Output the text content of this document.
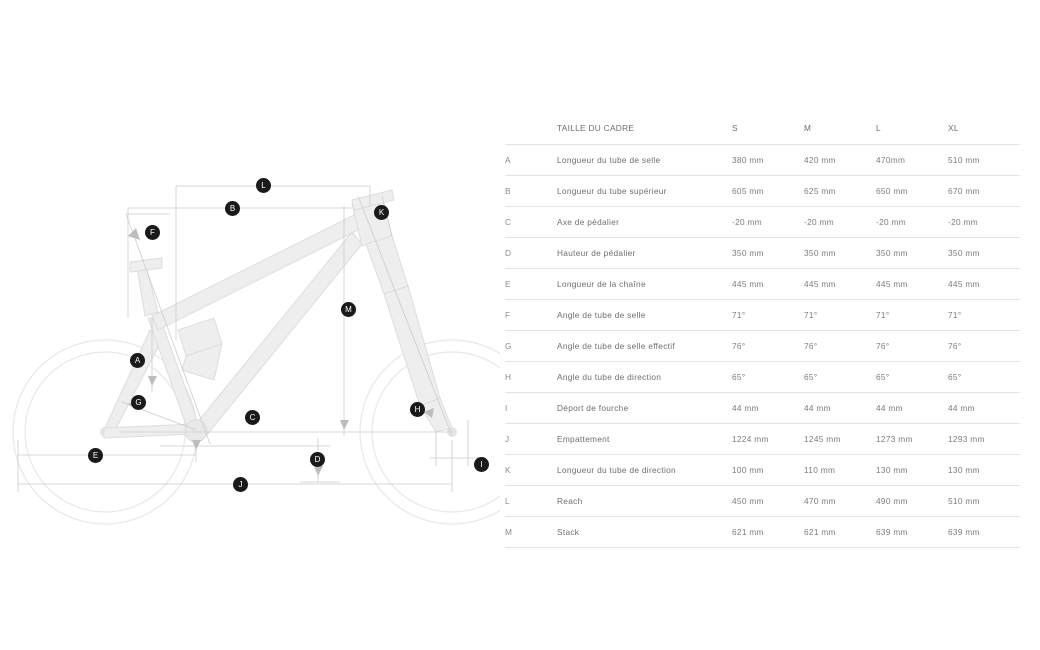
A
B
C
D
E
F
G
H
I
J
K
L
M
	TAILLE DU CADRE	S	M	L	XL
A	Longueur du tube de selle	380 mm	420 mm	470mm	510 mm
B	Longueur du tube supérieur	605 mm	625 mm	650 mm	670 mm
C	Axe de pédalier	-20 mm	-20 mm	-20 mm	-20 mm
D	Hauteur de pédalier	350 mm	350 mm	350 mm	350 mm
E	Longueur de la chaîne	445 mm	445 mm	445 mm	445 mm
F	Angle de tube de selle	71°	71°	71°	71°
G	Angle de tube de selle effectif	76°	76°	76°	76°
H	Angle du tube de direction	65°	65°	65°	65°
I	Déport de fourche	44 mm	44 mm	44 mm	44 mm
J	Empattement	1224 mm	1245 mm	1273 mm	1293 mm
K	Longueur du tube de direction	100 mm	110 mm	130 mm	130 mm
L	Reach	450 mm	470 mm	490 mm	510 mm
M	Stack	621 mm	621 mm	639 mm	639 mm
